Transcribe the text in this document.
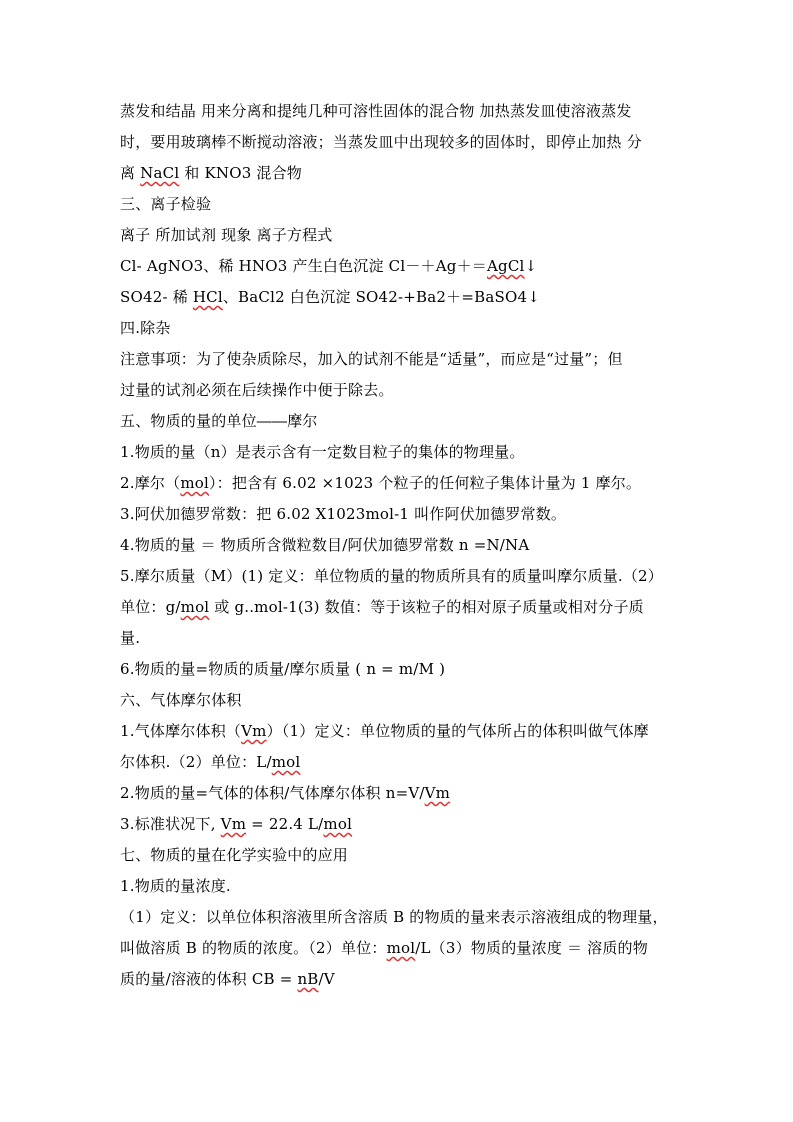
蒸发和结晶 用来分离和提纯几种可溶性固体的混合物 加热蒸发皿使溶液蒸发
时，要用玻璃棒不断搅动溶液；当蒸发皿中出现较多的固体时，即停止加热 分
离 NaCl 和 KNO3 混合物
三、离子检验
离子 所加试剂 现象 离子方程式
Cl- AgNO3、稀 HNO3 产生白色沉淀 Cl－＋Ag＋＝AgCl↓
SO42- 稀 HCl、BaCl2 白色沉淀 SO42-+Ba2＋=BaSO4↓
四.除杂
注意事项：为了使杂质除尽，加入的试剂不能是“适量”，而应是“过量”；但
过量的试剂必须在后续操作中便于除去。
五、物质的量的单位――摩尔
1.物质的量（n）是表示含有一定数目粒子的集体的物理量。
2.摩尔（mol）：把含有 6.02 ×1023 个粒子的任何粒子集体计量为 1 摩尔。
3.阿伏加德罗常数：把 6.02 X1023mol-1 叫作阿伏加德罗常数。
4.物质的量 ＝ 物质所含微粒数目/阿伏加德罗常数 n =N/NA
5.摩尔质量（M）(1) 定义：单位物质的量的物质所具有的质量叫摩尔质量.（2）
单位：g/mol 或 g..mol-1(3) 数值：等于该粒子的相对原子质量或相对分子质
量.
6.物质的量=物质的质量/摩尔质量 ( n = m/M )
六、气体摩尔体积
1.气体摩尔体积（Vm）（1）定义：单位物质的量的气体所占的体积叫做气体摩
尔体积.（2）单位：L/mol
2.物质的量=气体的体积/气体摩尔体积 n=V/Vm
3.标准状况下, Vm = 22.4 L/mol
七、物质的量在化学实验中的应用
1.物质的量浓度.
（1）定义：以单位体积溶液里所含溶质 B 的物质的量来表示溶液组成的物理量，
叫做溶质 B 的物质的浓度。（2）单位：mol/L（3）物质的量浓度 ＝ 溶质的物
质的量/溶液的体积 CB = nB/V
